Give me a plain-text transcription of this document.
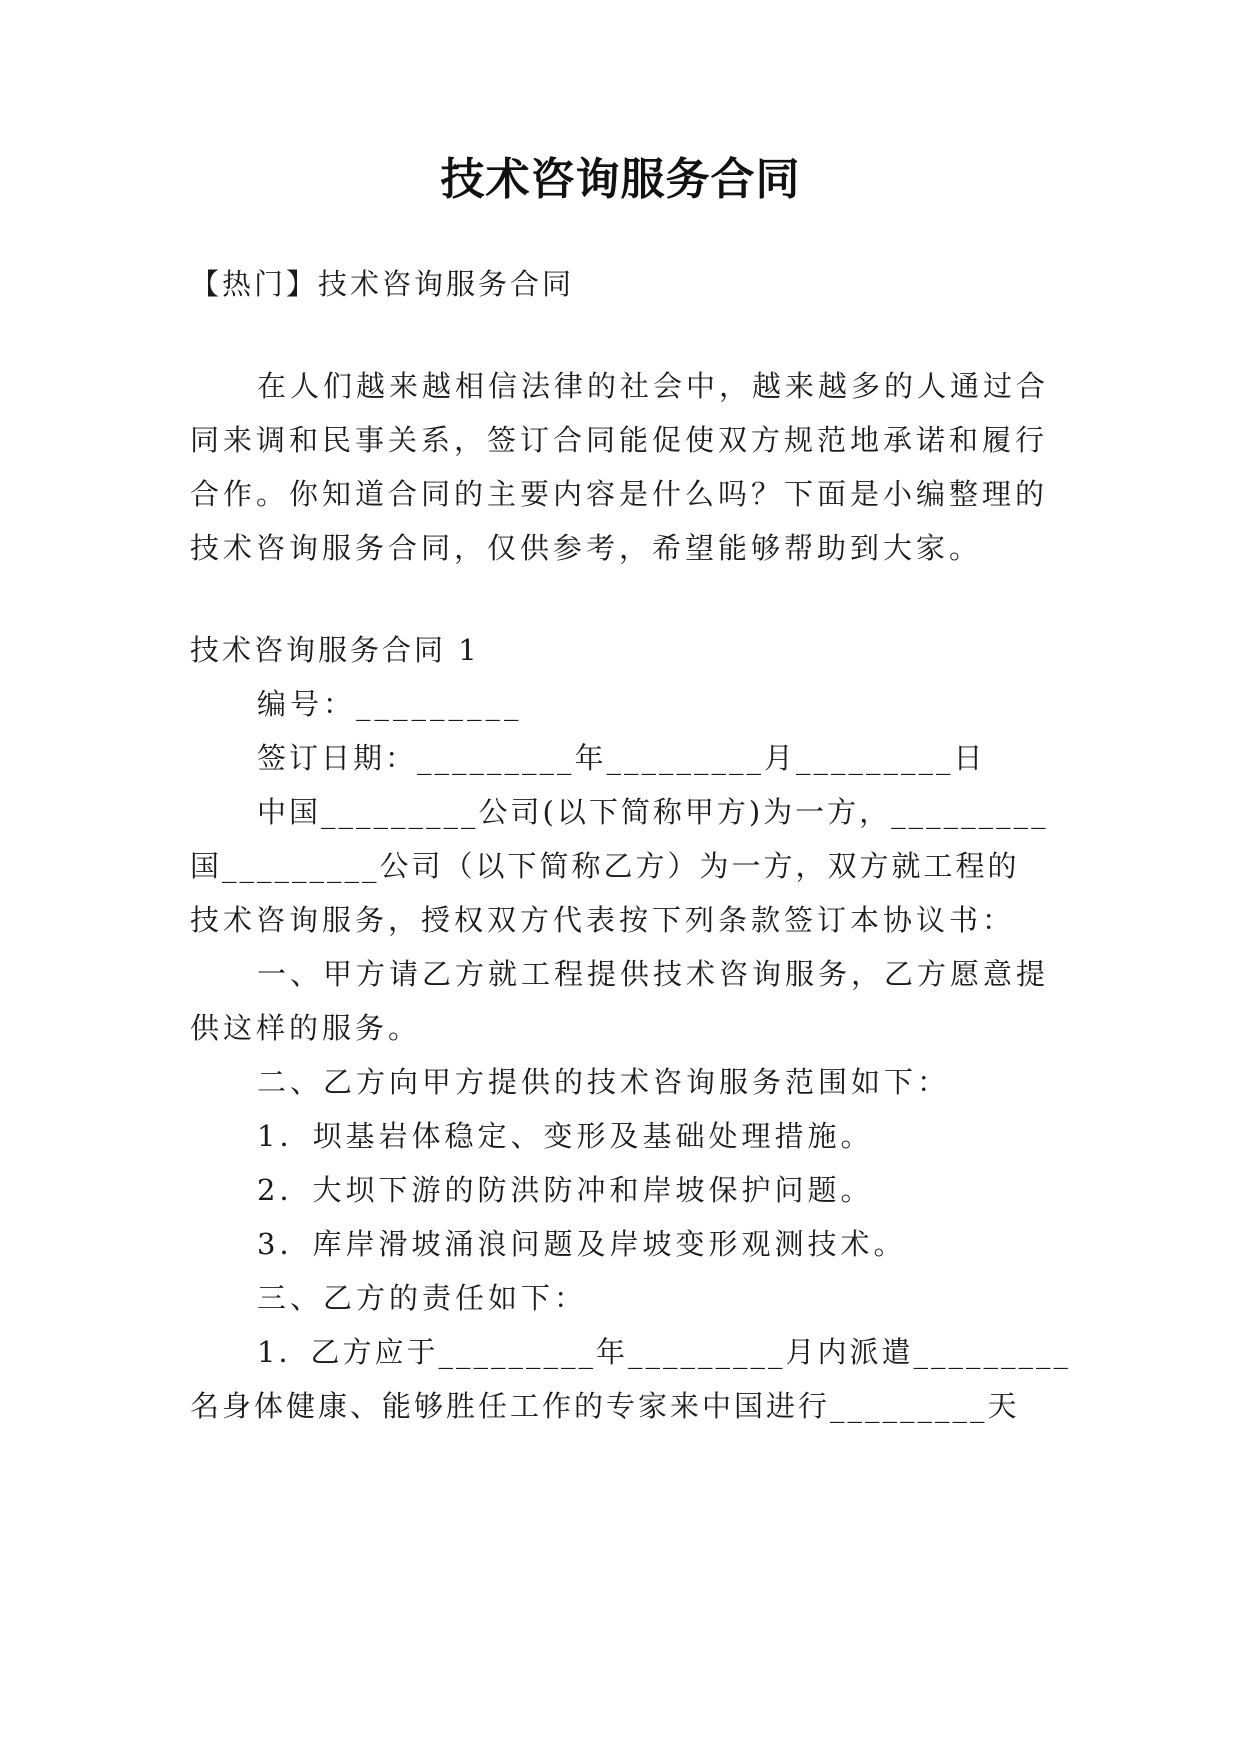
技术咨询服务合同
【热门】技术咨询服务合同
在人们越来越相信法律的社会中，越来越多的人通过合
同来调和民事关系，签订合同能促使双方规范地承诺和履行
合作。你知道合同的主要内容是什么吗？下面是小编整理的
技术咨询服务合同，仅供参考，希望能够帮助到大家。
技术咨询服务合同 1
编号：_________
签订日期：_________年_________月_________日
中国_________公司(以下简称甲方)为一方，_________
国_________公司（以下简称乙方）为一方，双方就工程的
技术咨询服务，授权双方代表按下列条款签订本协议书：
一、甲方请乙方就工程提供技术咨询服务，乙方愿意提
供这样的服务。
二、乙方向甲方提供的技术咨询服务范围如下：
1．坝基岩体稳定、变形及基础处理措施。
2．大坝下游的防洪防冲和岸坡保护问题。
3．库岸滑坡涌浪问题及岸坡变形观测技术。
三、乙方的责任如下：
1．乙方应于_________年_________月内派遣_________
名身体健康、能够胜任工作的专家来中国进行_________天
